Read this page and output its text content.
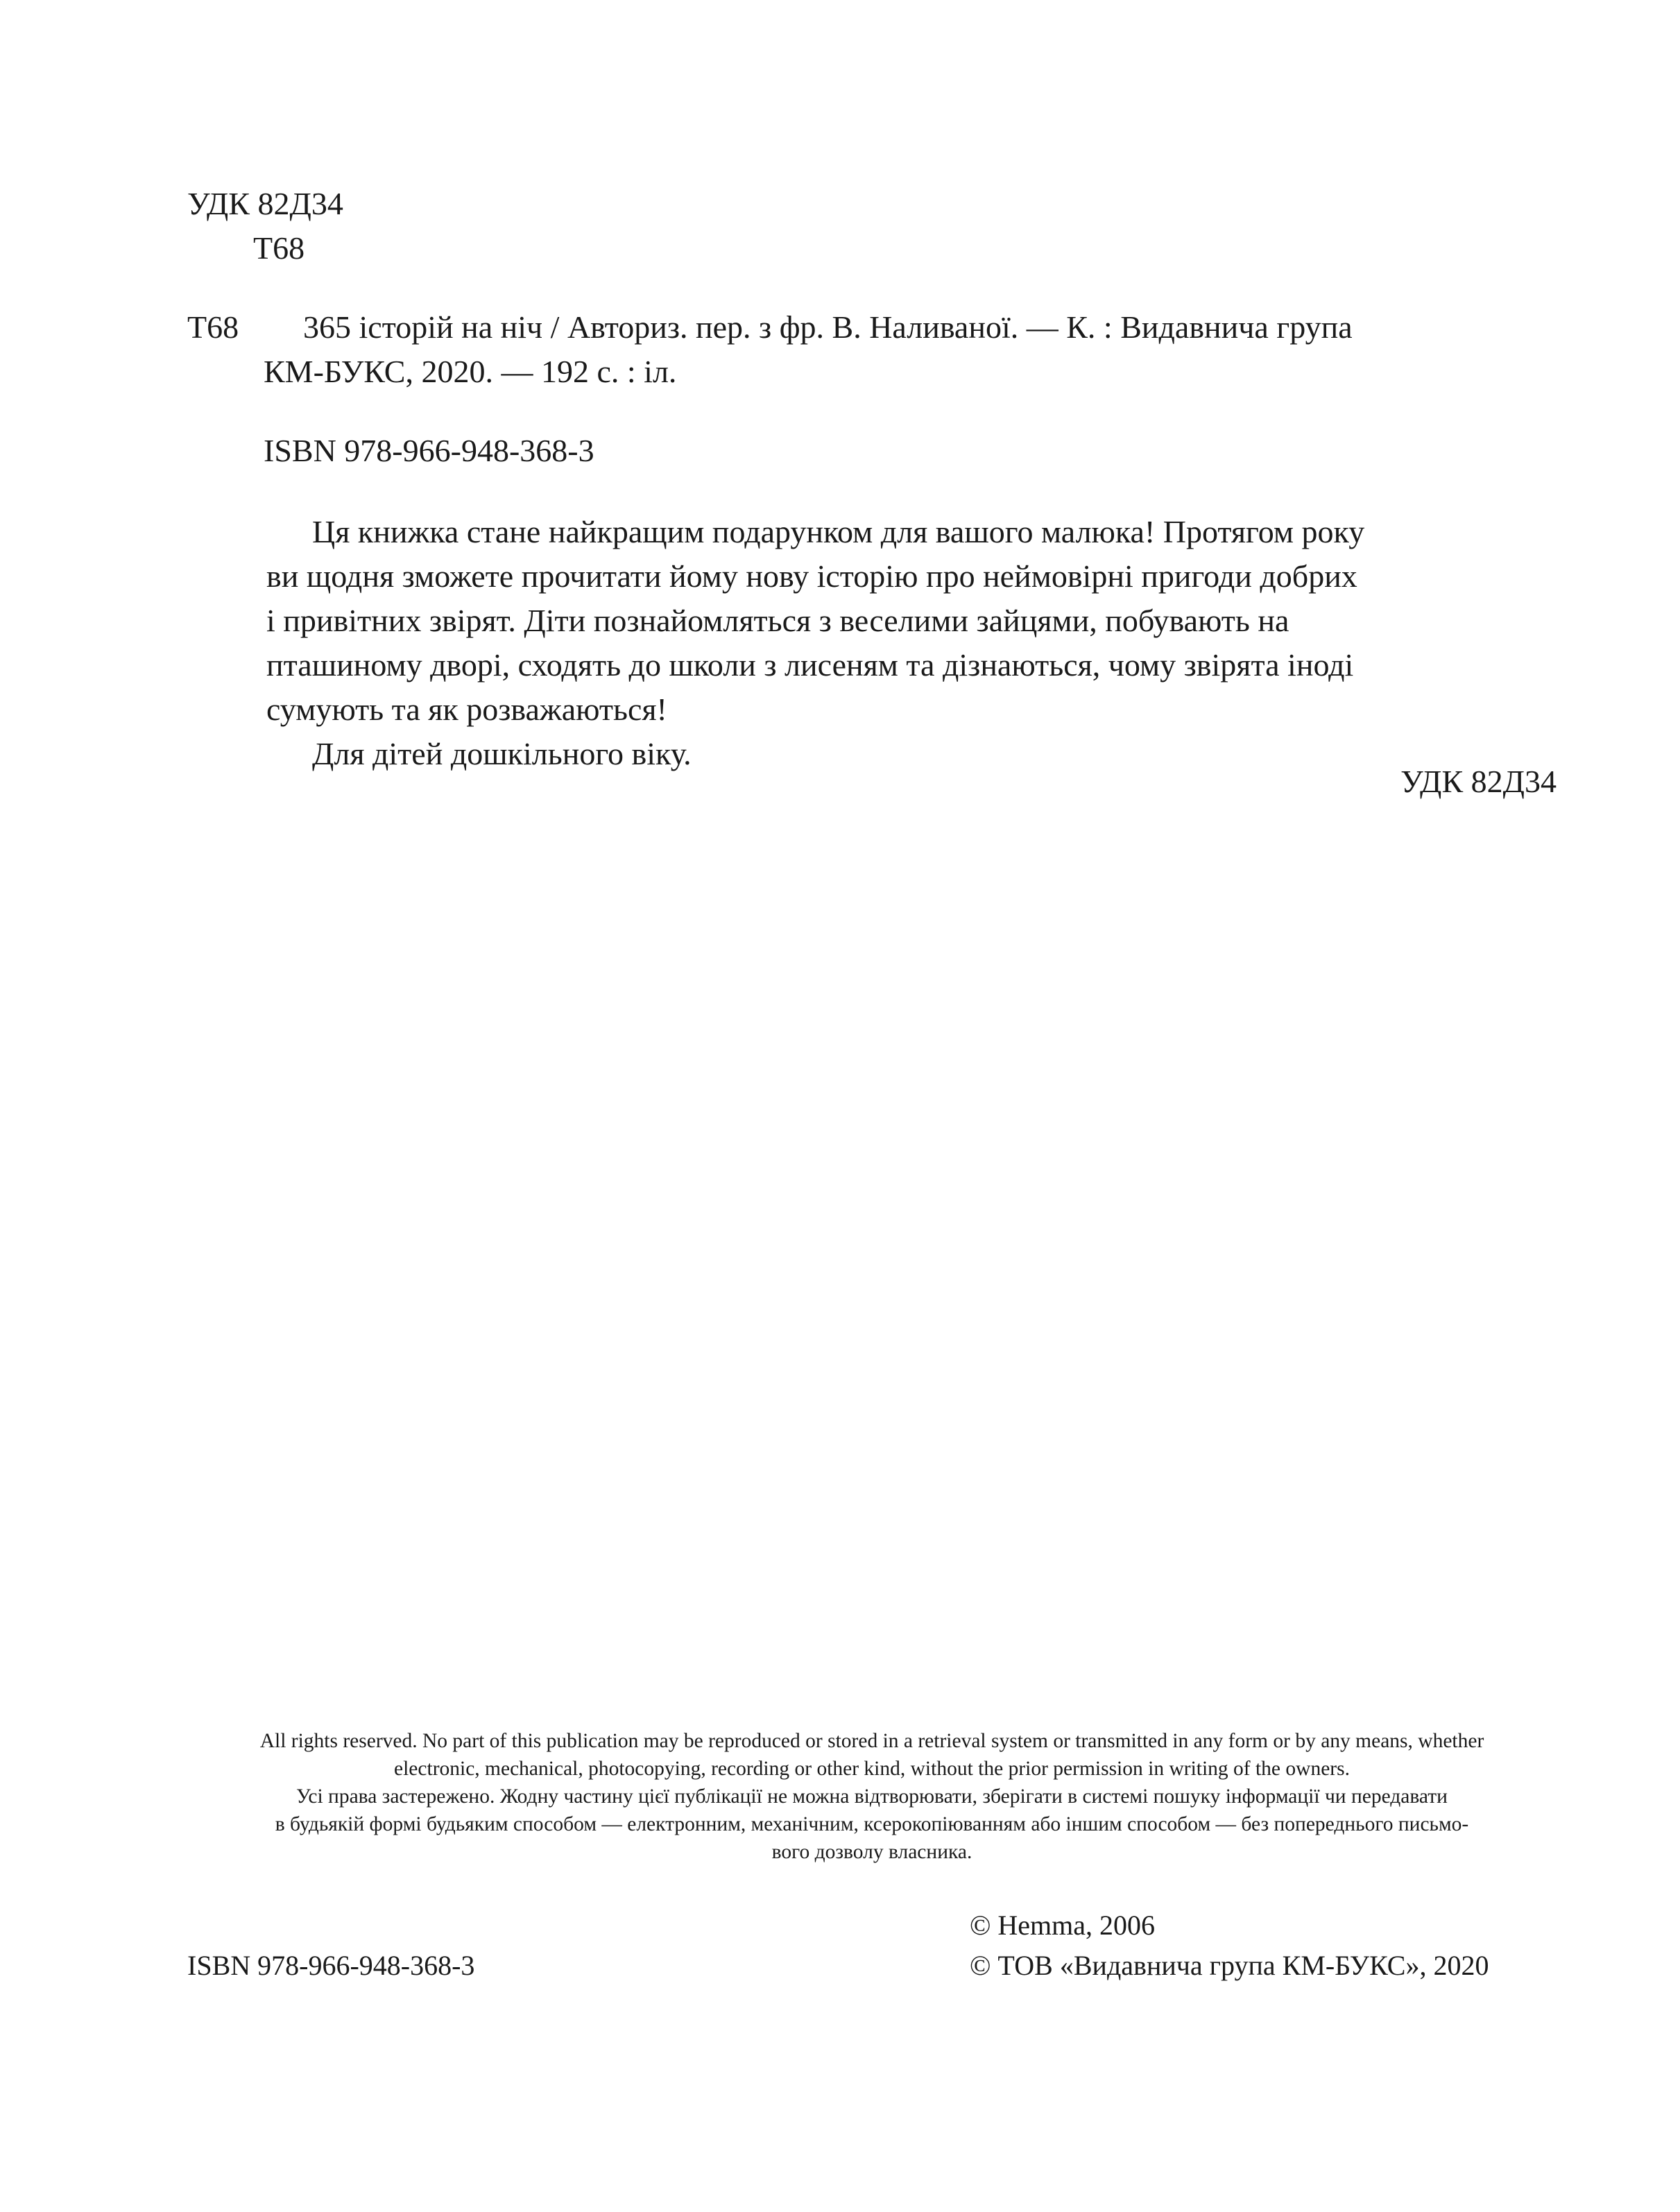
УДК 82Д34
Т68
Т68 365 історій на ніч / Авториз. пер. з фр. В. Наливаної. — К. : Видавнича група
КМ-БУКС, 2020. — 192 с. : іл.
ISBN 978-966-948-368-3
Ця книжка стане найкращим подарунком для вашого малюка! Протягом року
ви щодня зможете прочитати йому нову історію про неймовірні пригоди добрих
і привітних звірят. Діти познайомляться з веселими зайцями, побувають на
пташиному дворі, сходять до школи з лисеням та дізнаються, чому звірята іноді
сумують та як розважаються!
Для дітей дошкільного віку.
УДК 82Д34
All rights reserved. No part of this publication may be reproduced or stored in a retrieval system or transmitted in any form or by any means, whether
electronic, mechanical, photocopying, recording or other kind, without the prior permission in writing of the owners.
Усі права застережено. Жодну частину цієї публікації не можна відтворювати, зберігати в системі пошуку інформації чи передавати
в будьякій формі будьяким способом — електронним, механічним, ксерокопіюванням або іншим способом — без попереднього письмо-
вого дозволу власника.
© Hemma, 2006
ISBN 978-966-948-368-3	© ТОВ «Видавнича група КМ-БУКС», 2020
